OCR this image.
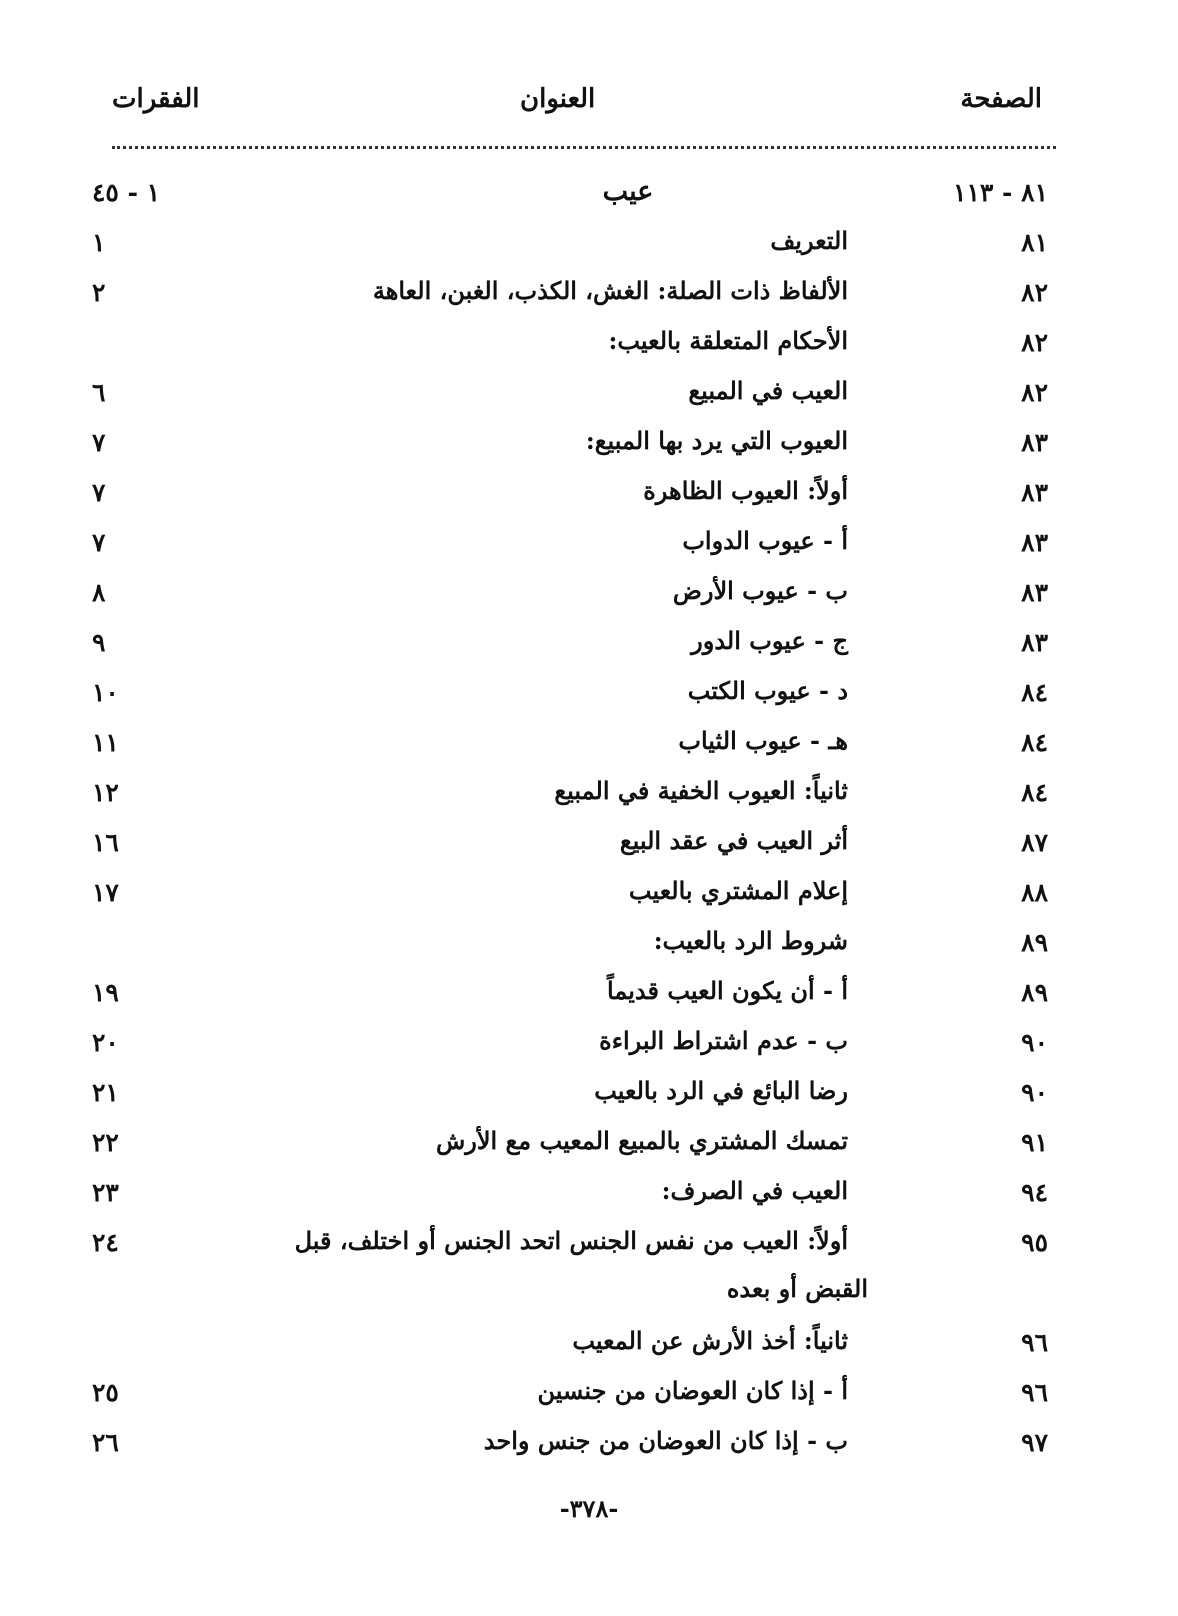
الصفحة
العنوان
الفقرات
٨١ - ١١٣
عيب
١ - ٤٥
٨١
التعريف
١
٨٢
الألفاظ ذات الصلة: الغش، الكذب، الغبن، العاهة
٢
٨٢
الأحكام المتعلقة بالعيب:
٨٢
العيب في المبيع
٦
٨٣
العيوب التي يرد بها المبيع:
٧
٨٣
أولاً: العيوب الظاهرة
٧
٨٣
أ - عيوب الدواب
٧
٨٣
ب - عيوب الأرض
٨
٨٣
ج - عيوب الدور
٩
٨٤
د - عيوب الكتب
١٠
٨٤
هـ - عيوب الثياب
١١
٨٤
ثانياً: العيوب الخفية في المبيع
١٢
٨٧
أثر العيب في عقد البيع
١٦
٨٨
إعلام المشتري بالعيب
١٧
٨٩
شروط الرد بالعيب:
٨٩
أ - أن يكون العيب قديماً
١٩
٩٠
ب - عدم اشتراط البراءة
٢٠
٩٠
رضا البائع في الرد بالعيب
٢١
٩١
تمسك المشتري بالمبيع المعيب مع الأرش
٢٢
٩٤
العيب في الصرف:
٢٣
٩٥
أولاً: العيب من نفس الجنس اتحد الجنس أو اختلف، قبل
٢٤
القبض أو بعده
٩٦
ثانياً: أخذ الأرش عن المعيب
٩٦
أ - إذا كان العوضان من جنسين
٢٥
٩٧
ب - إذا كان العوضان من جنس واحد
٢٦
-٣٧٨-
